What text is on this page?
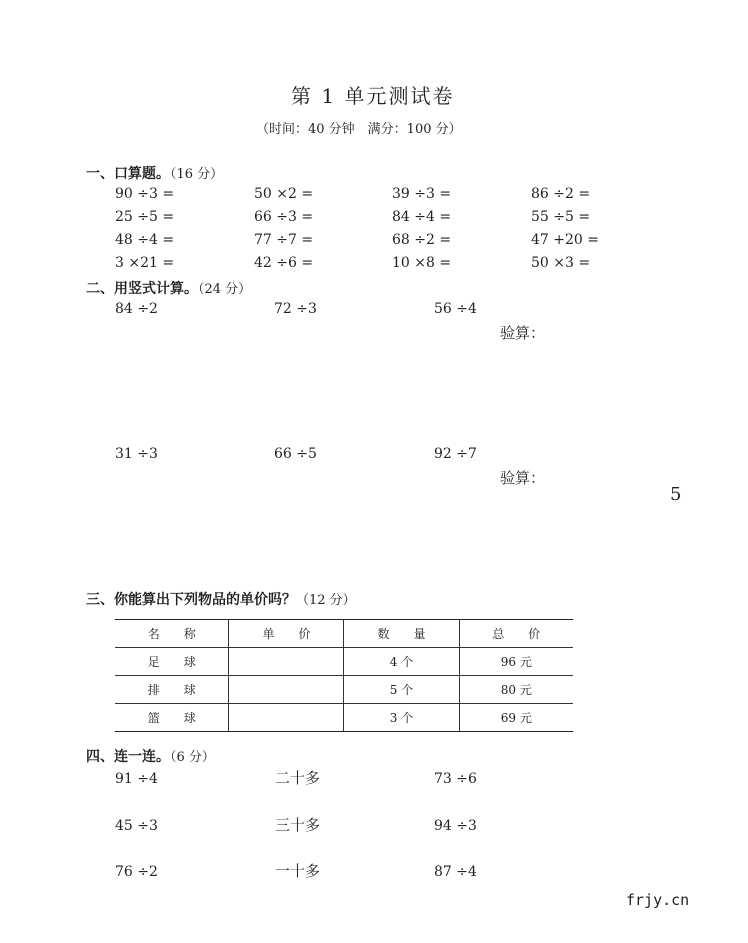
第 1 单元测试卷
（时间：40 分钟　满分：100 分）
一、口算题。（16 分）
90 ÷3 =	50 ×2 =	39 ÷3 =	86 ÷2 =
25 ÷5 =	66 ÷3 =	84 ÷4 =	55 ÷5 =
48 ÷4 =	77 ÷7 =	68 ÷2 =	47 +20 =
3 ×21 =	42 ÷6 =	10 ×8 =	50 ×3 =
二、用竖式计算。（24 分）
84 ÷2	72 ÷3	56 ÷4
验算：
31 ÷3	66 ÷5	92 ÷7
验算：
5
三、你能算出下列物品的单价吗？（12 分）
名　　称	单　　价	数　　量	总　　价
足　　球		4 个	96 元
排　　球		5 个	80 元
篮　　球		3 个	69 元
四、连一连。（6 分）
91 ÷4	二十多	73 ÷6
45 ÷3	三十多	94 ÷3
76 ÷2	一十多	87 ÷4
frjy.cn
